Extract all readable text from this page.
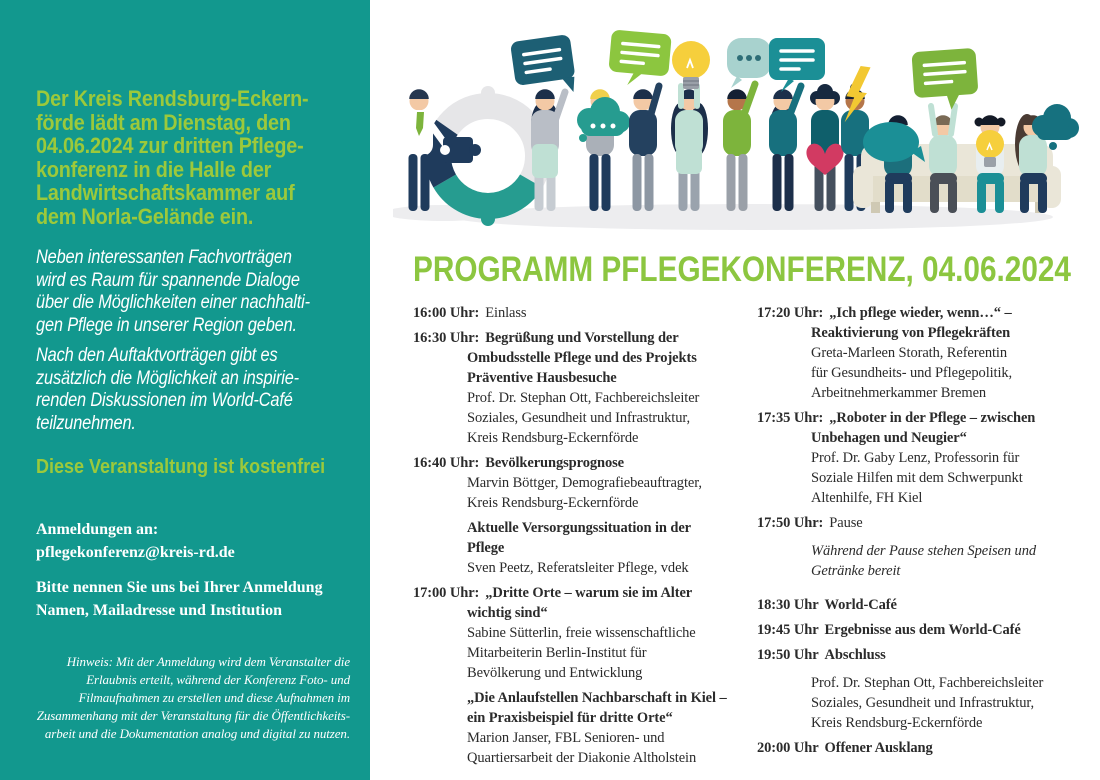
Der Kreis Rendsburg-Eckern-
förde lädt am Dienstag, den
04.06.2024 zur dritten Pflege-
konferenz in die Halle der
Landwirtschaftskammer auf
dem Norla-Gelände ein.
Neben interessanten Fachvorträgen
wird es Raum für spannende Dialoge
über die Möglichkeiten einer nachhalti-
gen Pflege in unserer Region geben.
Nach den Auftaktvorträgen gibt es
zusätzlich die Möglichkeit an inspirie-
renden Diskussionen im World-Café
teilzunehmen.
Diese Veranstaltung ist kostenfrei
Anmeldungen an:
pflegekonferenz@kreis-rd.de
Bitte nennen Sie uns bei Ihrer Anmeldung
Namen, Mailadresse und Institution
Hinweis: Mit der Anmeldung wird dem Veranstalter die
Erlaubnis erteilt, während der Konferenz Foto- und
Filmaufnahmen zu erstellen und diese Aufnahmen im
Zusammenhang mit der Veranstaltung für die Öffentlichkeits-
arbeit und die Dokumentation analog und digital zu nutzen.
PROGRAMM PFLEGEKONFERENZ, 04.06.2024
16:00 Uhr: Einlass
16:30 Uhr: Begrüßung und Vorstellung der
Ombudsstelle Pflege und des Projekts
Präventive Hausbesuche
Prof. Dr. Stephan Ott, Fachbereichsleiter
Soziales, Gesundheit und Infrastruktur,
Kreis Rendsburg-Eckernförde
16:40 Uhr: Bevölkerungsprognose
Marvin Böttger, Demografiebeauftragter,
Kreis Rendsburg-Eckernförde
Aktuelle Versorgungssituation in der
Pflege
Sven Peetz, Referatsleiter Pflege, vdek
17:00 Uhr: „Dritte Orte – warum sie im Alter
wichtig sind“
Sabine Sütterlin, freie wissenschaftliche
Mitarbeiterin Berlin-Institut für
Bevölkerung und Entwicklung
„Die Anlaufstellen Nachbarschaft in Kiel –
ein Praxisbeispiel für dritte Orte“
Marion Janser, FBL Senioren- und
Quartiersarbeit der Diakonie Altholstein
17:20 Uhr: „Ich pflege wieder, wenn…“ –
Reaktivierung von Pflegekräften
Greta-Marleen Storath, Referentin
für Gesundheits- und Pflegepolitik,
Arbeitnehmerkammer Bremen
17:35 Uhr: „Roboter in der Pflege – zwischen
Unbehagen und Neugier“
Prof. Dr. Gaby Lenz, Professorin für
Soziale Hilfen mit dem Schwerpunkt
Altenhilfe, FH Kiel
17:50 Uhr: Pause
Während der Pause stehen Speisen und
Getränke bereit
18:30 Uhr World-Café
19:45 Uhr Ergebnisse aus dem World-Café
19:50 Uhr Abschluss
Prof. Dr. Stephan Ott, Fachbereichsleiter
Soziales, Gesundheit und Infrastruktur,
Kreis Rendsburg-Eckernförde
20:00 Uhr Offener Ausklang
